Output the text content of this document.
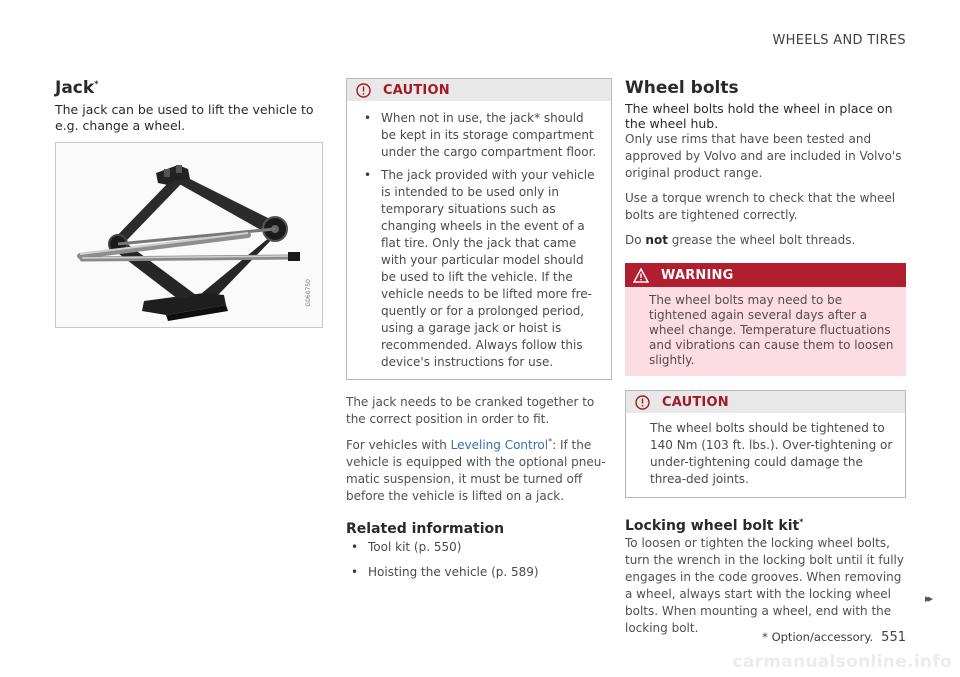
WHEELS AND TIRES
Jack*

The jack can be used to lift the vehicle to e.g. change a wheel.

G060750
CAUTION
• When not in use, the jack* should be kept in its storage compartment under the cargo compartment floor.
• The jack provided with your vehicle is intended to be used only in temporary situations such as changing wheels in the event of a flat tire. Only the jack that came with your particular model should be used to lift the vehicle. If the vehicle needs to be lifted more fre-quently or for a prolonged period, using a garage jack or hoist is recommended. Always follow this device's instructions for use.

The jack needs to be cranked together to the correct position in order to fit.

For vehicles with Leveling Control*: If the vehicle is equipped with the optional pneu-matic suspension, it must be turned off before the vehicle is lifted on a jack.

Related information
• Tool kit (p. 550)
• Hoisting the vehicle (p. 589)
Wheel bolts

The wheel bolts hold the wheel in place on the wheel hub.

Only use rims that have been tested and approved by Volvo and are included in Volvo's original product range.

Use a torque wrench to check that the wheel bolts are tightened correctly.

Do not grease the wheel bolt threads.

WARNING

The wheel bolts may need to be tightened again several days after a wheel change. Temperature fluctuations and vibrations can cause them to loosen slightly.

CAUTION

The wheel bolts should be tightened to 140 Nm (103 ft. lbs.). Over-tightening or under-tightening could damage the threa-ded joints.

Locking wheel bolt kit*

To loosen or tighten the locking wheel bolts, turn the wrench in the locking bolt until it fully engages in the code grooves. When removing a wheel, always start with the locking wheel bolts. When mounting a wheel, end with the locking bolt.

▸▸
* Option/accessory. 551
carmanualsonline.info
